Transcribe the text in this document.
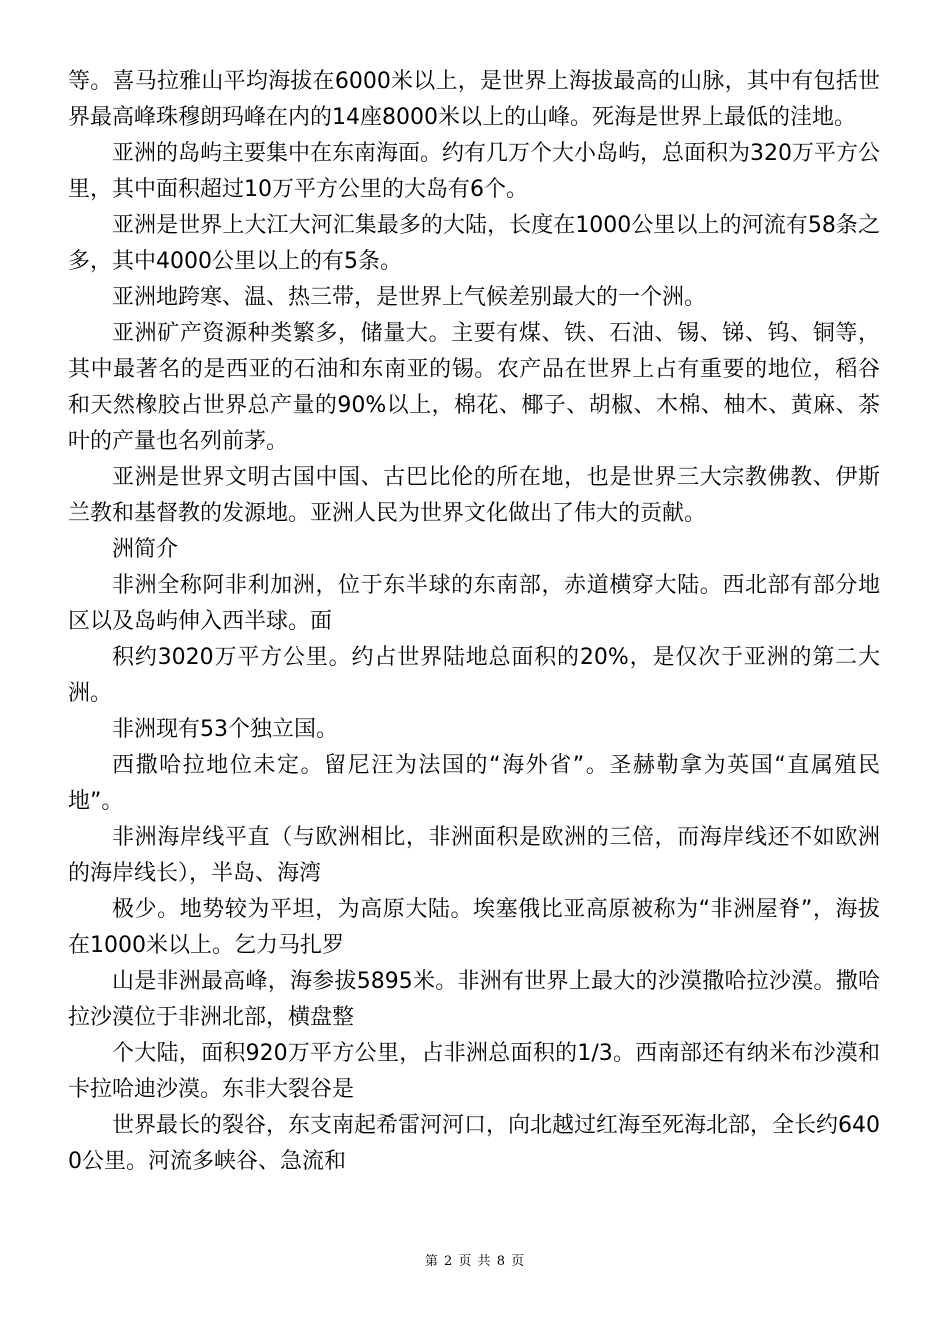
等。喜马拉雅山平均海拔在6000米以上，是世界上海拔最高的山脉，其中有包括世界最高峰珠穆朗玛峰在内的14座8000米以上的山峰。死海是世界上最低的洼地。

亚洲的岛屿主要集中在东南海面。约有几万个大小岛屿，总面积为320万平方公里，其中面积超过10万平方公里的大岛有6个。

亚洲是世界上大江大河汇集最多的大陆，长度在1000公里以上的河流有58条之多，其中4000公里以上的有5条。

亚洲地跨寒、温、热三带，是世界上气候差别最大的一个洲。

亚洲矿产资源种类繁多，储量大。主要有煤、铁、石油、锡、锑、钨、铜等，其中最著名的是西亚的石油和东南亚的锡。农产品在世界上占有重要的地位，稻谷和天然橡胶占世界总产量的90%以上，棉花、椰子、胡椒、木棉、柚木、黄麻、茶叶的产量也名列前茅。

亚洲是世界文明古国中国、古巴比伦的所在地，也是世界三大宗教佛教、伊斯兰教和基督教的发源地。亚洲人民为世界文化做出了伟大的贡献。

洲简介

非洲全称阿非利加洲，位于东半球的东南部，赤道横穿大陆。西北部有部分地区以及岛屿伸入西半球。面

积约3020万平方公里。约占世界陆地总面积的20%，是仅次于亚洲的第二大洲。

非洲现有53个独立国。

西撒哈拉地位未定。留尼汪为法国的“海外省”。圣赫勒拿为英国“直属殖民地”。

非洲海岸线平直（与欧洲相比，非洲面积是欧洲的三倍，而海岸线还不如欧洲的海岸线长），半岛、海湾

极少。地势较为平坦，为高原大陆。埃塞俄比亚高原被称为“非洲屋脊”，海拔在1000米以上。乞力马扎罗

山是非洲最高峰，海参拔5895米。非洲有世界上最大的沙漠撒哈拉沙漠。撒哈拉沙漠位于非洲北部，横盘整

个大陆，面积920万平方公里，占非洲总面积的1/3。西南部还有纳米布沙漠和卡拉哈迪沙漠。东非大裂谷是

世界最长的裂谷，东支南起希雷河河口，向北越过红海至死海北部，全长约6400公里。河流多峡谷、急流和

第 2 页 共 8 页
